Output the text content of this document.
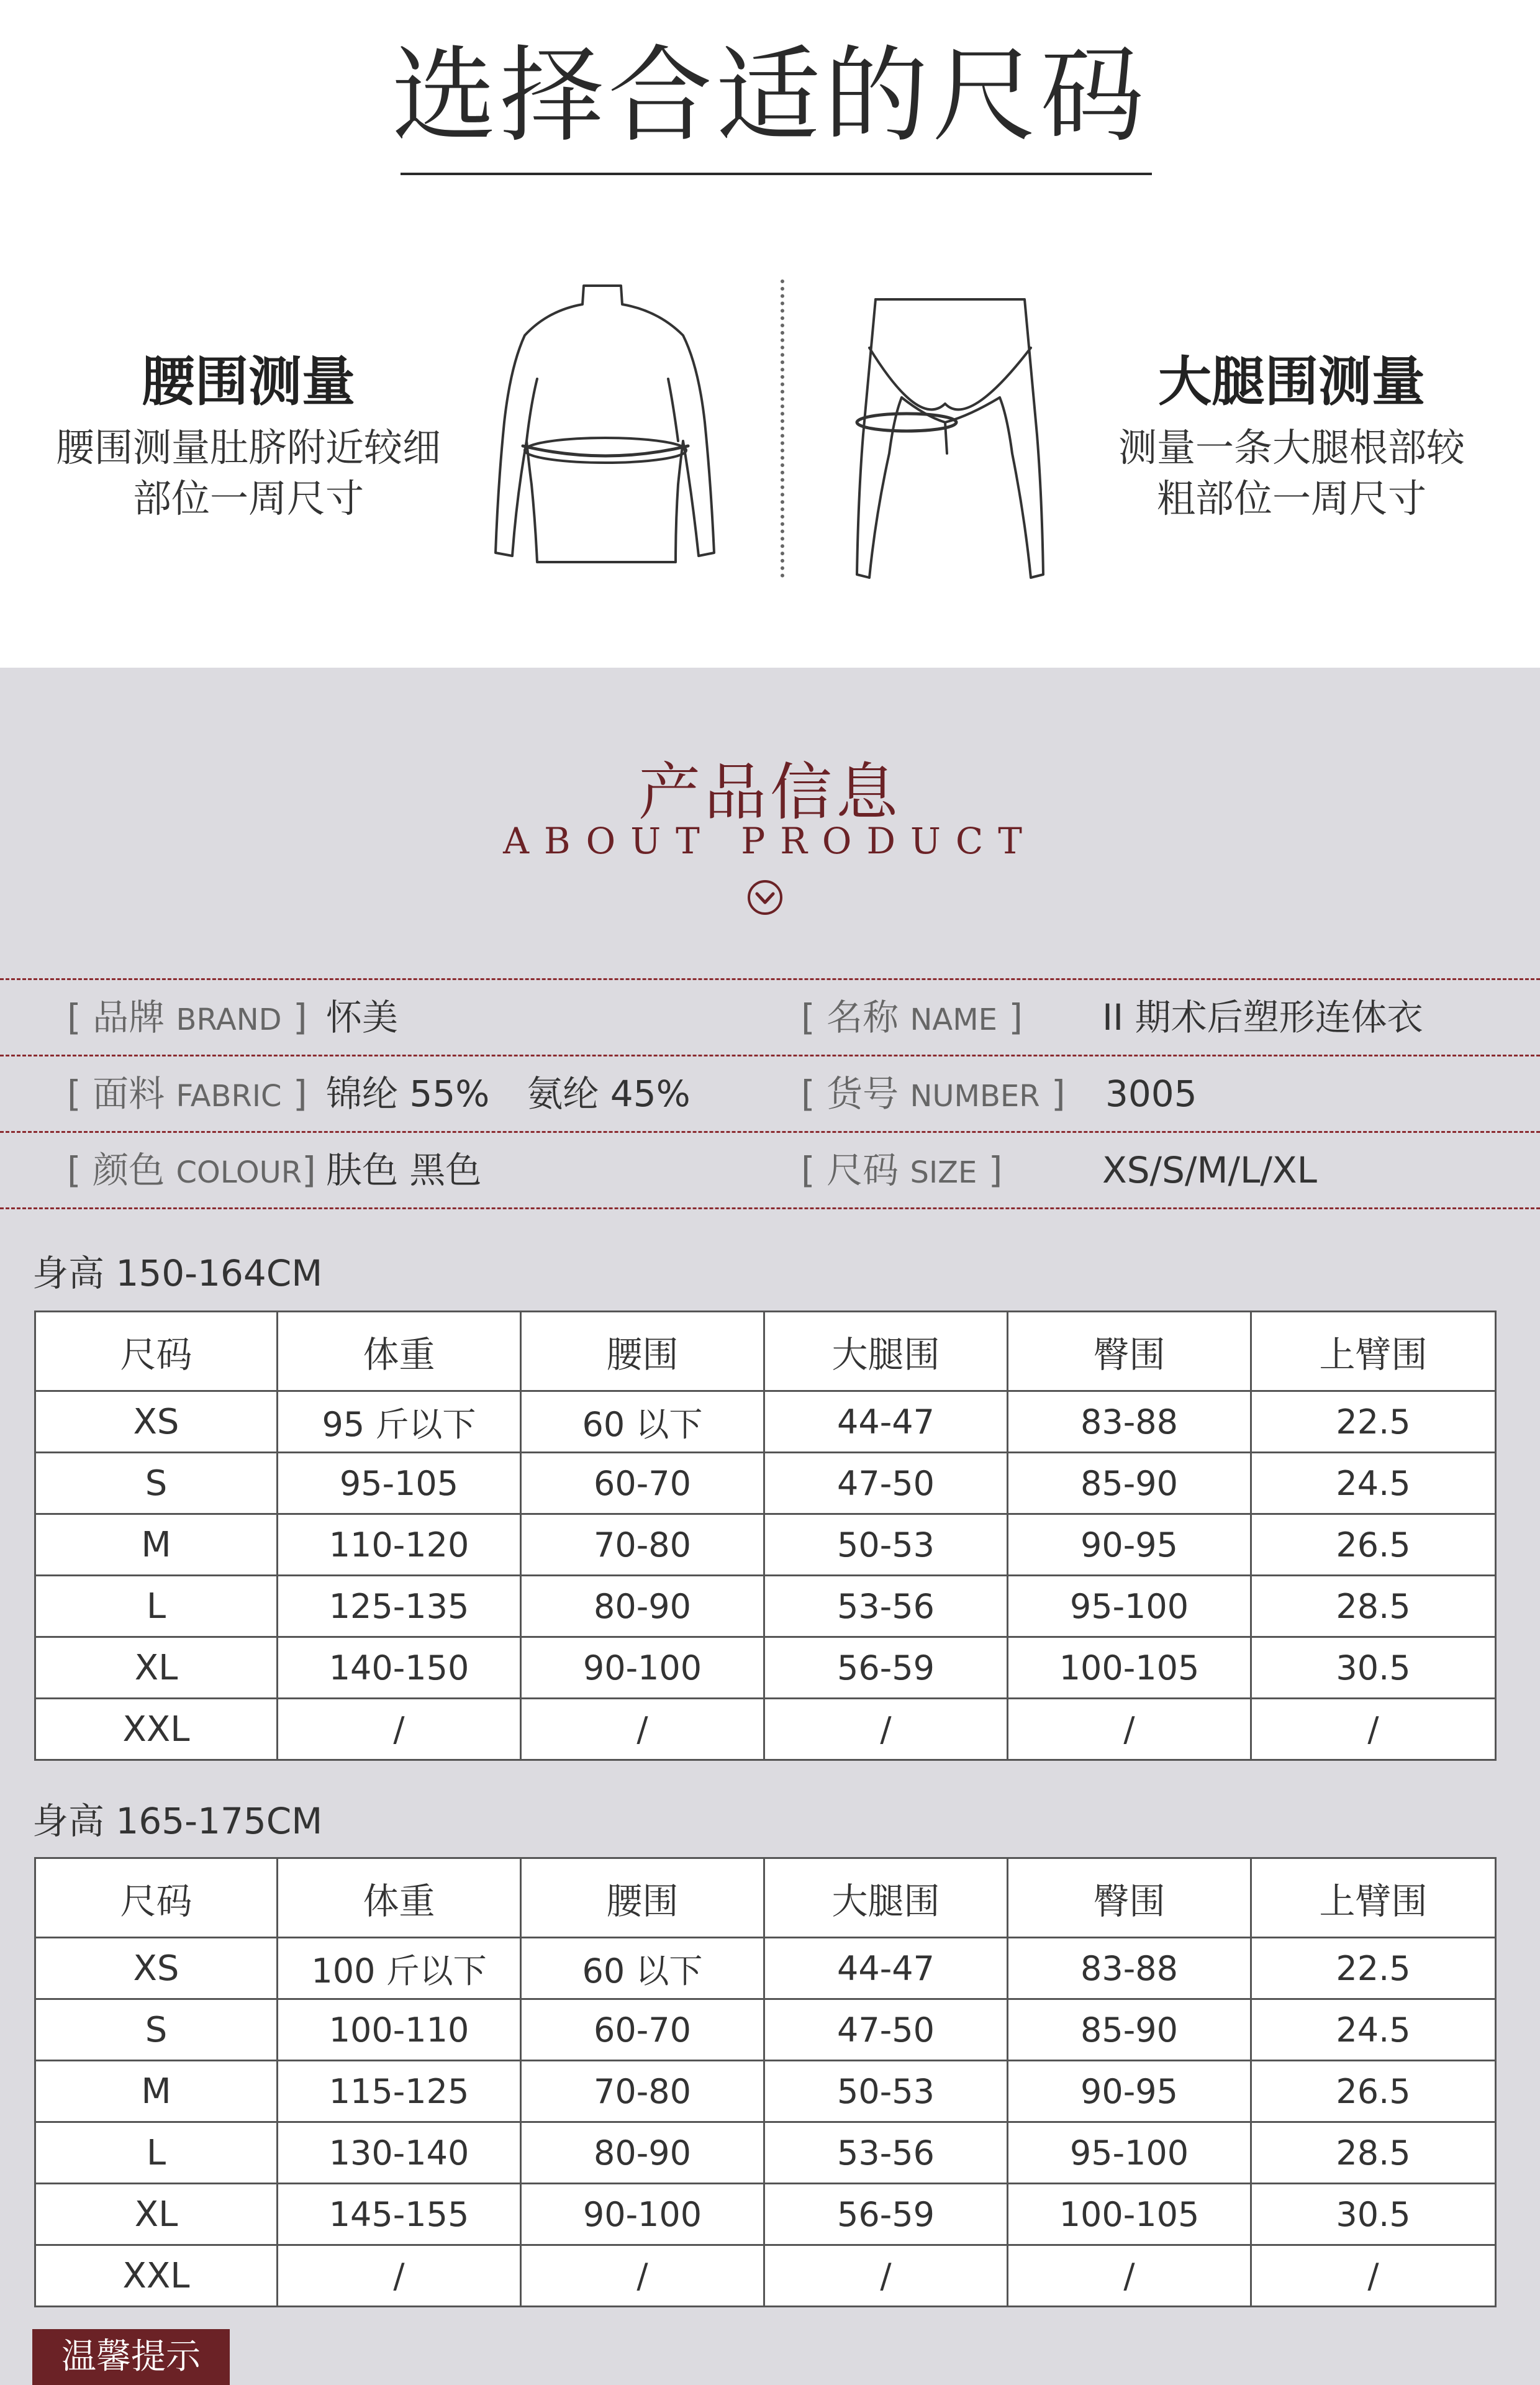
选择合适的尺码
腰围测量
腰围测量肚脐附近较细
部位一周尺寸
大腿围测量
测量一条大腿根部较
粗部位一周尺寸
产品信息
ABOUT PRODUCT
[ 品牌 BRAND ] 怀美	[ 名称 NAME ] II 期术后塑形连体衣
[ 面料 FABRIC ] 锦纶 55% 氨纶 45%	[ 货号 NUMBER ] 3005
[ 颜色 COLOUR] 肤色 黑色	[ 尺码 SIZE ]	XS/S/M/L/XL
身高 150-164CM
尺码	体重	腰围	大腿围	臀围	上臂围
XS	95 斤以下	60 以下	44-47	83-88	22.5
S	95-105	60-70	47-50	85-90	24.5
M	110-120	70-80	50-53	90-95	26.5
L	125-135	80-90	53-56	95-100	28.5
XL	140-150	90-100	56-59	100-105	30.5
XXL	/	/	/	/	/
身高 165-175CM
尺码	体重	腰围	大腿围	臀围	上臂围
XS	100 斤以下	60 以下	44-47	83-88	22.5
S	100-110	60-70	47-50	85-90	24.5
M	115-125	70-80	50-53	90-95	26.5
L	130-140	80-90	53-56	95-100	28.5
XL	145-155	90-100	56-59	100-105	30.5
XXL	/	/	/	/	/
温馨提示
